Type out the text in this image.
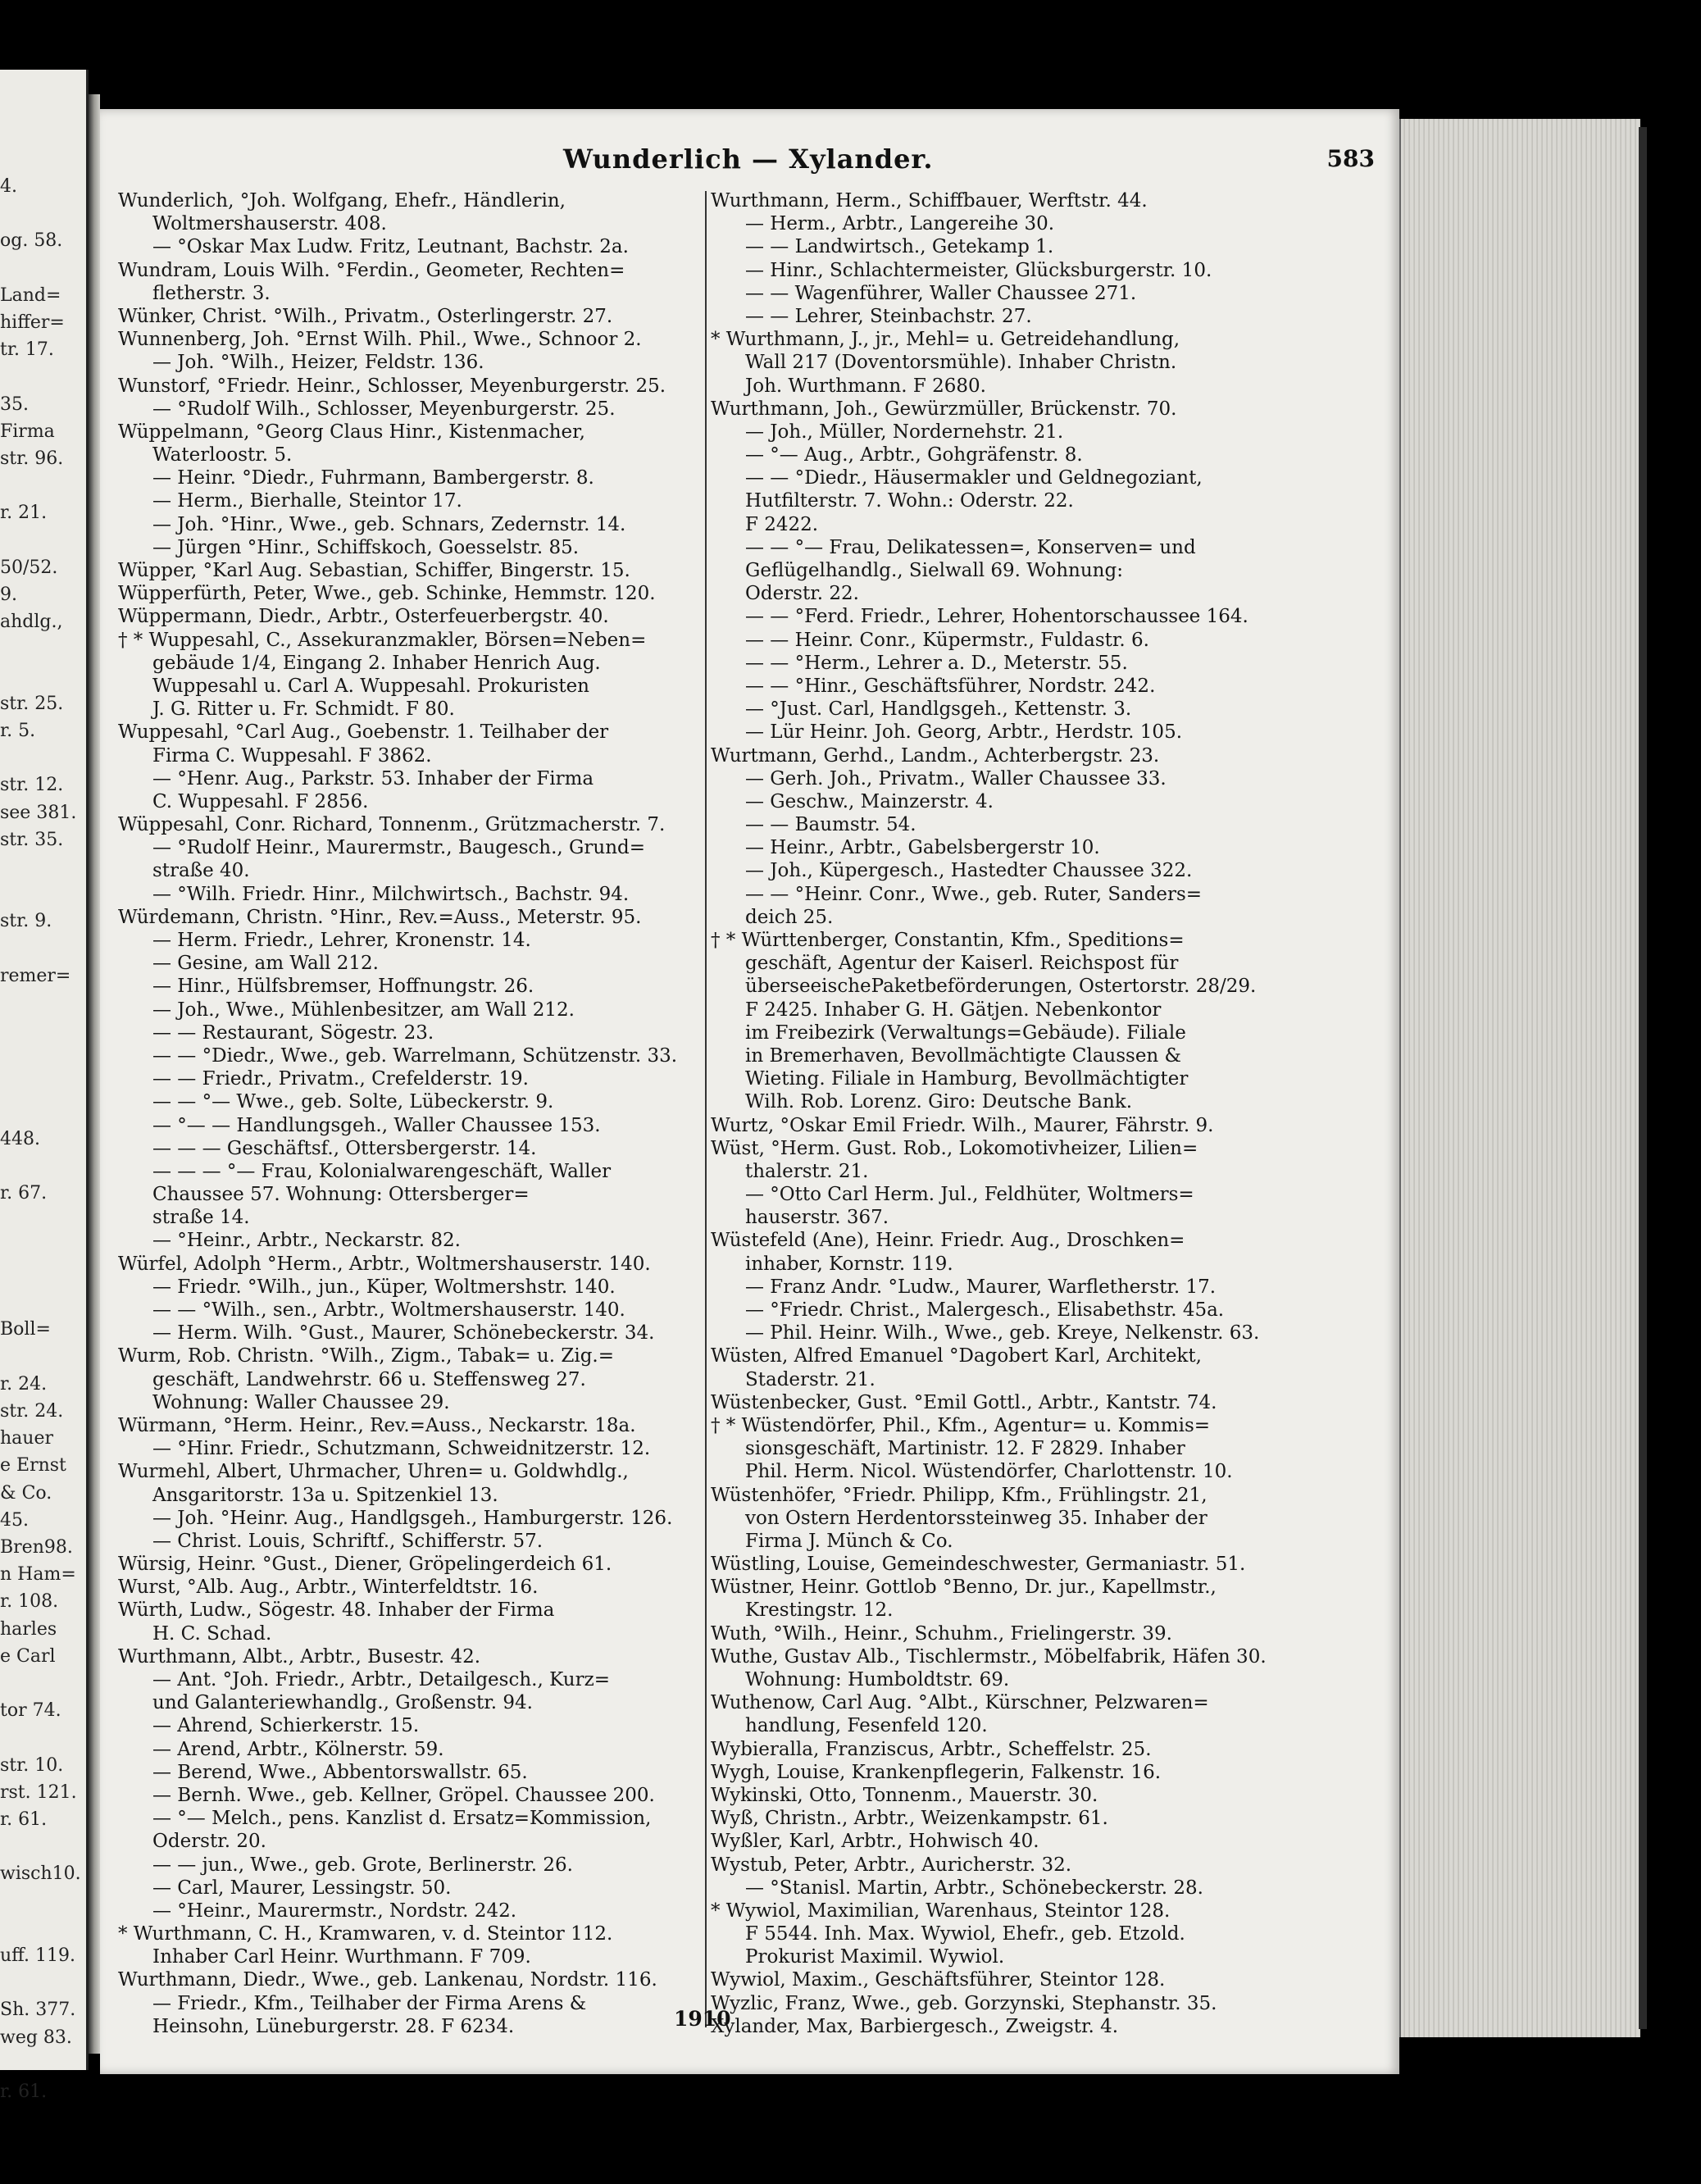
4.
og. 58.
Land=
hiffer=
tr. 17.
35.
Firma
str. 96.
r. 21.
50/52.
9.
ahdlg.,
str. 25.
r. 5.
str. 12.
see 381.
str. 35.
str. 9.
remer=
448.
r. 67.
Boll=
r. 24.
str. 24.
hauer
e Ernst
& Co.
45.
Bren98.
n Ham=
r. 108.
harles
e Carl
tor 74.
str. 10.
rst. 121.
r. 61.
wisch10.
uff. 119.
Sh. 377.
weg 83.
r. 61.
Wunderlich — Xylander.	583
Wunderlich, °Joh. Wolfgang, Ehefr., Händlerin,
Woltmershauserstr. 408.
— °Oskar Max Ludw. Fritz, Leutnant, Bachstr. 2a.
Wundram, Louis Wilh. °Ferdin., Geometer, Rechten=
fletherstr. 3.
Wünker, Christ. °Wilh., Privatm., Osterlingerstr. 27.
Wunnenberg, Joh. °Ernst Wilh. Phil., Wwe., Schnoor 2.
— Joh. °Wilh., Heizer, Feldstr. 136.
Wunstorf, °Friedr. Heinr., Schlosser, Meyenburgerstr. 25.
— °Rudolf Wilh., Schlosser, Meyenburgerstr. 25.
Wüppelmann, °Georg Claus Hinr., Kistenmacher,
Waterloostr. 5.
— Heinr. °Diedr., Fuhrmann, Bambergerstr. 8.
— Herm., Bierhalle, Steintor 17.
— Joh. °Hinr., Wwe., geb. Schnars, Zedernstr. 14.
— Jürgen °Hinr., Schiffskoch, Goesselstr. 85.
Wüpper, °Karl Aug. Sebastian, Schiffer, Bingerstr. 15.
Wüpperfürth, Peter, Wwe., geb. Schinke, Hemmstr. 120.
Wüppermann, Diedr., Arbtr., Osterfeuerbergstr. 40.
† * Wuppesahl, C., Assekuranzmakler, Börsen=Neben=
gebäude 1/4, Eingang 2. Inhaber Henrich Aug.
Wuppesahl u. Carl A. Wuppesahl. Prokuristen
J. G. Ritter u. Fr. Schmidt. F 80.
Wuppesahl, °Carl Aug., Goebenstr. 1. Teilhaber der
Firma C. Wuppesahl. F 3862.
— °Henr. Aug., Parkstr. 53. Inhaber der Firma
C. Wuppesahl. F 2856.
Wüppesahl, Conr. Richard, Tonnenm., Grützmacherstr. 7.
— °Rudolf Heinr., Maurermstr., Baugesch., Grund=
straße 40.
— °Wilh. Friedr. Hinr., Milchwirtsch., Bachstr. 94.
Würdemann, Christn. °Hinr., Rev.=Auss., Meterstr. 95.
— Herm. Friedr., Lehrer, Kronenstr. 14.
— Gesine, am Wall 212.
— Hinr., Hülfsbremser, Hoffnungstr. 26.
— Joh., Wwe., Mühlenbesitzer, am Wall 212.
— — Restaurant, Sögestr. 23.
— — °Diedr., Wwe., geb. Warrelmann, Schützenstr. 33.
— — Friedr., Privatm., Crefelderstr. 19.
— — °— Wwe., geb. Solte, Lübeckerstr. 9.
— °— — Handlungsgeh., Waller Chaussee 153.
— — — Geschäftsf., Ottersbergerstr. 14.
— — — °— Frau, Kolonialwarengeschäft, Waller
Chaussee 57. Wohnung: Ottersberger=
straße 14.
— °Heinr., Arbtr., Neckarstr. 82.
Würfel, Adolph °Herm., Arbtr., Woltmershauserstr. 140.
— Friedr. °Wilh., jun., Küper, Woltmershstr. 140.
— — °Wilh., sen., Arbtr., Woltmershauserstr. 140.
— Herm. Wilh. °Gust., Maurer, Schönebeckerstr. 34.
Wurm, Rob. Christn. °Wilh., Zigm., Tabak= u. Zig.=
geschäft, Landwehrstr. 66 u. Steffensweg 27.
Wohnung: Waller Chaussee 29.
Würmann, °Herm. Heinr., Rev.=Auss., Neckarstr. 18a.
— °Hinr. Friedr., Schutzmann, Schweidnitzerstr. 12.
Wurmehl, Albert, Uhrmacher, Uhren= u. Goldwhdlg.,
Ansgaritorstr. 13a u. Spitzenkiel 13.
— Joh. °Heinr. Aug., Handlgsgeh., Hamburgerstr. 126.
— Christ. Louis, Schriftf., Schifferstr. 57.
Würsig, Heinr. °Gust., Diener, Gröpelingerdeich 61.
Wurst, °Alb. Aug., Arbtr., Winterfeldtstr. 16.
Würth, Ludw., Sögestr. 48. Inhaber der Firma
H. C. Schad.
Wurthmann, Albt., Arbtr., Busestr. 42.
— Ant. °Joh. Friedr., Arbtr., Detailgesch., Kurz=
und Galanteriewhandlg., Großenstr. 94.
— Ahrend, Schierkerstr. 15.
— Arend, Arbtr., Kölnerstr. 59.
— Berend, Wwe., Abbentorswallstr. 65.
— Bernh. Wwe., geb. Kellner, Gröpel. Chaussee 200.
— °— Melch., pens. Kanzlist d. Ersatz=Kommission,
Oderstr. 20.
— — jun., Wwe., geb. Grote, Berlinerstr. 26.
— Carl, Maurer, Lessingstr. 50.
— °Heinr., Maurermstr., Nordstr. 242.
* Wurthmann, C. H., Kramwaren, v. d. Steintor 112.
Inhaber Carl Heinr. Wurthmann. F 709.
Wurthmann, Diedr., Wwe., geb. Lankenau, Nordstr. 116.
— Friedr., Kfm., Teilhaber der Firma Arens &
Heinsohn, Lüneburgerstr. 28. F 6234.
Wurthmann, Herm., Schiffbauer, Werftstr. 44.
— Herm., Arbtr., Langereihe 30.
— — Landwirtsch., Getekamp 1.
— Hinr., Schlachtermeister, Glücksburgerstr. 10.
— — Wagenführer, Waller Chaussee 271.
— — Lehrer, Steinbachstr. 27.
* Wurthmann, J., jr., Mehl= u. Getreidehandlung,
Wall 217 (Doventorsmühle). Inhaber Christn.
Joh. Wurthmann. F 2680.
Wurthmann, Joh., Gewürzmüller, Brückenstr. 70.
— Joh., Müller, Nordernehstr. 21.
— °— Aug., Arbtr., Gohgräfenstr. 8.
— — °Diedr., Häusermakler und Geldnegoziant,
Hutfilterstr. 7. Wohn.: Oderstr. 22.
F 2422.
— — °— Frau, Delikatessen=, Konserven= und
Geflügelhandlg., Sielwall 69. Wohnung:
Oderstr. 22.
— — °Ferd. Friedr., Lehrer, Hohentorschaussee 164.
— — Heinr. Conr., Küpermstr., Fuldastr. 6.
— — °Herm., Lehrer a. D., Meterstr. 55.
— — °Hinr., Geschäftsführer, Nordstr. 242.
— °Just. Carl, Handlgsgeh., Kettenstr. 3.
— Lür Heinr. Joh. Georg, Arbtr., Herdstr. 105.
Wurtmann, Gerhd., Landm., Achterbergstr. 23.
— Gerh. Joh., Privatm., Waller Chaussee 33.
— Geschw., Mainzerstr. 4.
— — Baumstr. 54.
— Heinr., Arbtr., Gabelsbergerstr 10.
— Joh., Küpergesch., Hastedter Chaussee 322.
— — °Heinr. Conr., Wwe., geb. Ruter, Sanders=
deich 25.
† * Württenberger, Constantin, Kfm., Speditions=
geschäft, Agentur der Kaiserl. Reichspost für
überseeischePaketbeförderungen, Ostertorstr. 28/29.
F 2425. Inhaber G. H. Gätjen. Nebenkontor
im Freibezirk (Verwaltungs=Gebäude). Filiale
in Bremerhaven, Bevollmächtigte Claussen &
Wieting. Filiale in Hamburg, Bevollmächtigter
Wilh. Rob. Lorenz. Giro: Deutsche Bank.
Wurtz, °Oskar Emil Friedr. Wilh., Maurer, Fährstr. 9.
Wüst, °Herm. Gust. Rob., Lokomotivheizer, Lilien=
thalerstr. 21.
— °Otto Carl Herm. Jul., Feldhüter, Woltmers=
hauserstr. 367.
Wüstefeld (Ane), Heinr. Friedr. Aug., Droschken=
inhaber, Kornstr. 119.
— Franz Andr. °Ludw., Maurer, Warfletherstr. 17.
— °Friedr. Christ., Malergesch., Elisabethstr. 45a.
— Phil. Heinr. Wilh., Wwe., geb. Kreye, Nelkenstr. 63.
Wüsten, Alfred Emanuel °Dagobert Karl, Architekt,
Staderstr. 21.
Wüstenbecker, Gust. °Emil Gottl., Arbtr., Kantstr. 74.
† * Wüstendörfer, Phil., Kfm., Agentur= u. Kommis=
sionsgeschäft, Martinistr. 12. F 2829. Inhaber
Phil. Herm. Nicol. Wüstendörfer, Charlottenstr. 10.
Wüstenhöfer, °Friedr. Philipp, Kfm., Frühlingstr. 21,
von Ostern Herdentorssteinweg 35. Inhaber der
Firma J. Münch & Co.
Wüstling, Louise, Gemeindeschwester, Germaniastr. 51.
Wüstner, Heinr. Gottlob °Benno, Dr. jur., Kapellmstr.,
Krestingstr. 12.
Wuth, °Wilh., Heinr., Schuhm., Frielingerstr. 39.
Wuthe, Gustav Alb., Tischlermstr., Möbelfabrik, Häfen 30.
Wohnung: Humboldtstr. 69.
Wuthenow, Carl Aug. °Albt., Kürschner, Pelzwaren=
handlung, Fesenfeld 120.
Wybieralla, Franziscus, Arbtr., Scheffelstr. 25.
Wygh, Louise, Krankenpflegerin, Falkenstr. 16.
Wykinski, Otto, Tonnenm., Mauerstr. 30.
Wyß, Christn., Arbtr., Weizenkampstr. 61.
Wyßler, Karl, Arbtr., Hohwisch 40.
Wystub, Peter, Arbtr., Auricherstr. 32.
— °Stanisl. Martin, Arbtr., Schönebeckerstr. 28.
* Wywiol, Maximilian, Warenhaus, Steintor 128.
F 5544. Inh. Max. Wywiol, Ehefr., geb. Etzold.
Prokurist Maximil. Wywiol.
Wywiol, Maxim., Geschäftsführer, Steintor 128.
Wyzlic, Franz, Wwe., geb. Gorzynski, Stephanstr. 35.
Xylander, Max, Barbiergesch., Zweigstr. 4.
1910
